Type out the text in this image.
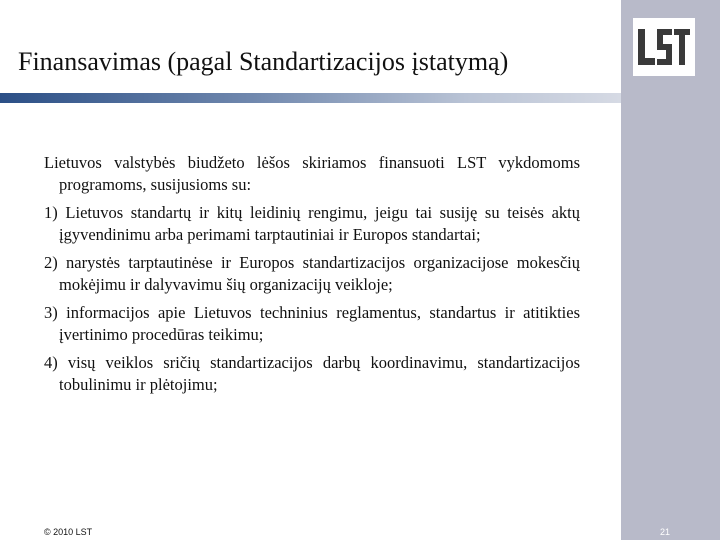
Finansavimas (pagal Standartizacijos įstatymą)

Lietuvos valstybės biudžeto lėšos skiriamos finansuoti LST vykdomoms programoms, susijusioms su:

1) Lietuvos standartų ir kitų leidinių rengimu, jeigu tai susiję su teisės aktų įgyvendinimu arba perimami tarptautiniai ir Europos standartai;

2) narystės tarptautinėse ir Europos standartizacijos organizacijose mokesčių mokėjimu ir dalyvavimu šių organizacijų veikloje;

3) informacijos apie Lietuvos techninius reglamentus, standartus ir atitikties įvertinimo procedūras teikimu;

4) visų veiklos sričių standartizacijos darbų koordinavimu, standartizacijos tobulinimu ir plėtojimu;

© 2010 LST	21
